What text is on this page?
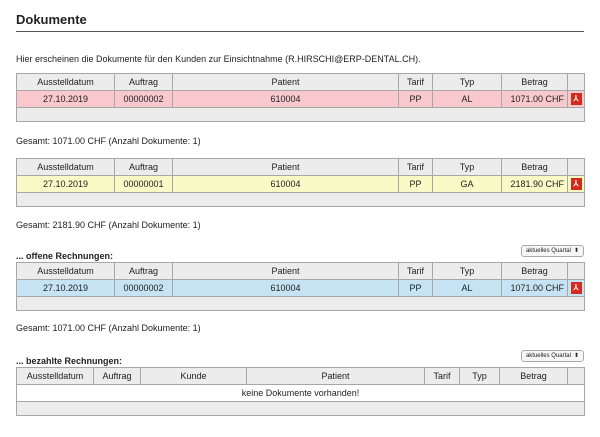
Dokumente
Hier erscheinen die Dokumente für den Kunden zur Einsichtnahme (R.HIRSCHI@ERP-DENTAL.CH).
Ausstelldatum	Auftrag	Patient	Tarif	Typ	Betrag	
27.10.2019	00000002	610004	PP	AL	1071.00 CHF	⅄

Gesamt: 1071.00 CHF (Anzahl Dokumente: 1)
Ausstelldatum	Auftrag	Patient	Tarif	Typ	Betrag	
27.10.2019	00000001	610004	PP	GA	2181.90 CHF	⅄

Gesamt: 2181.90 CHF (Anzahl Dokumente: 1)
aktuelles Quartal ⬍
... offene Rechnungen:
Ausstelldatum	Auftrag	Patient	Tarif	Typ	Betrag	
27.10.2019	00000002	610004	PP	AL	1071.00 CHF	⅄

Gesamt: 1071.00 CHF (Anzahl Dokumente: 1)
aktuelles Quartal ⬍
... bezahlte Rechnungen:
Ausstelldatum	Auftrag	Kunde	Patient	Tarif	Typ	Betrag	
keine Dokumente vorhanden!
